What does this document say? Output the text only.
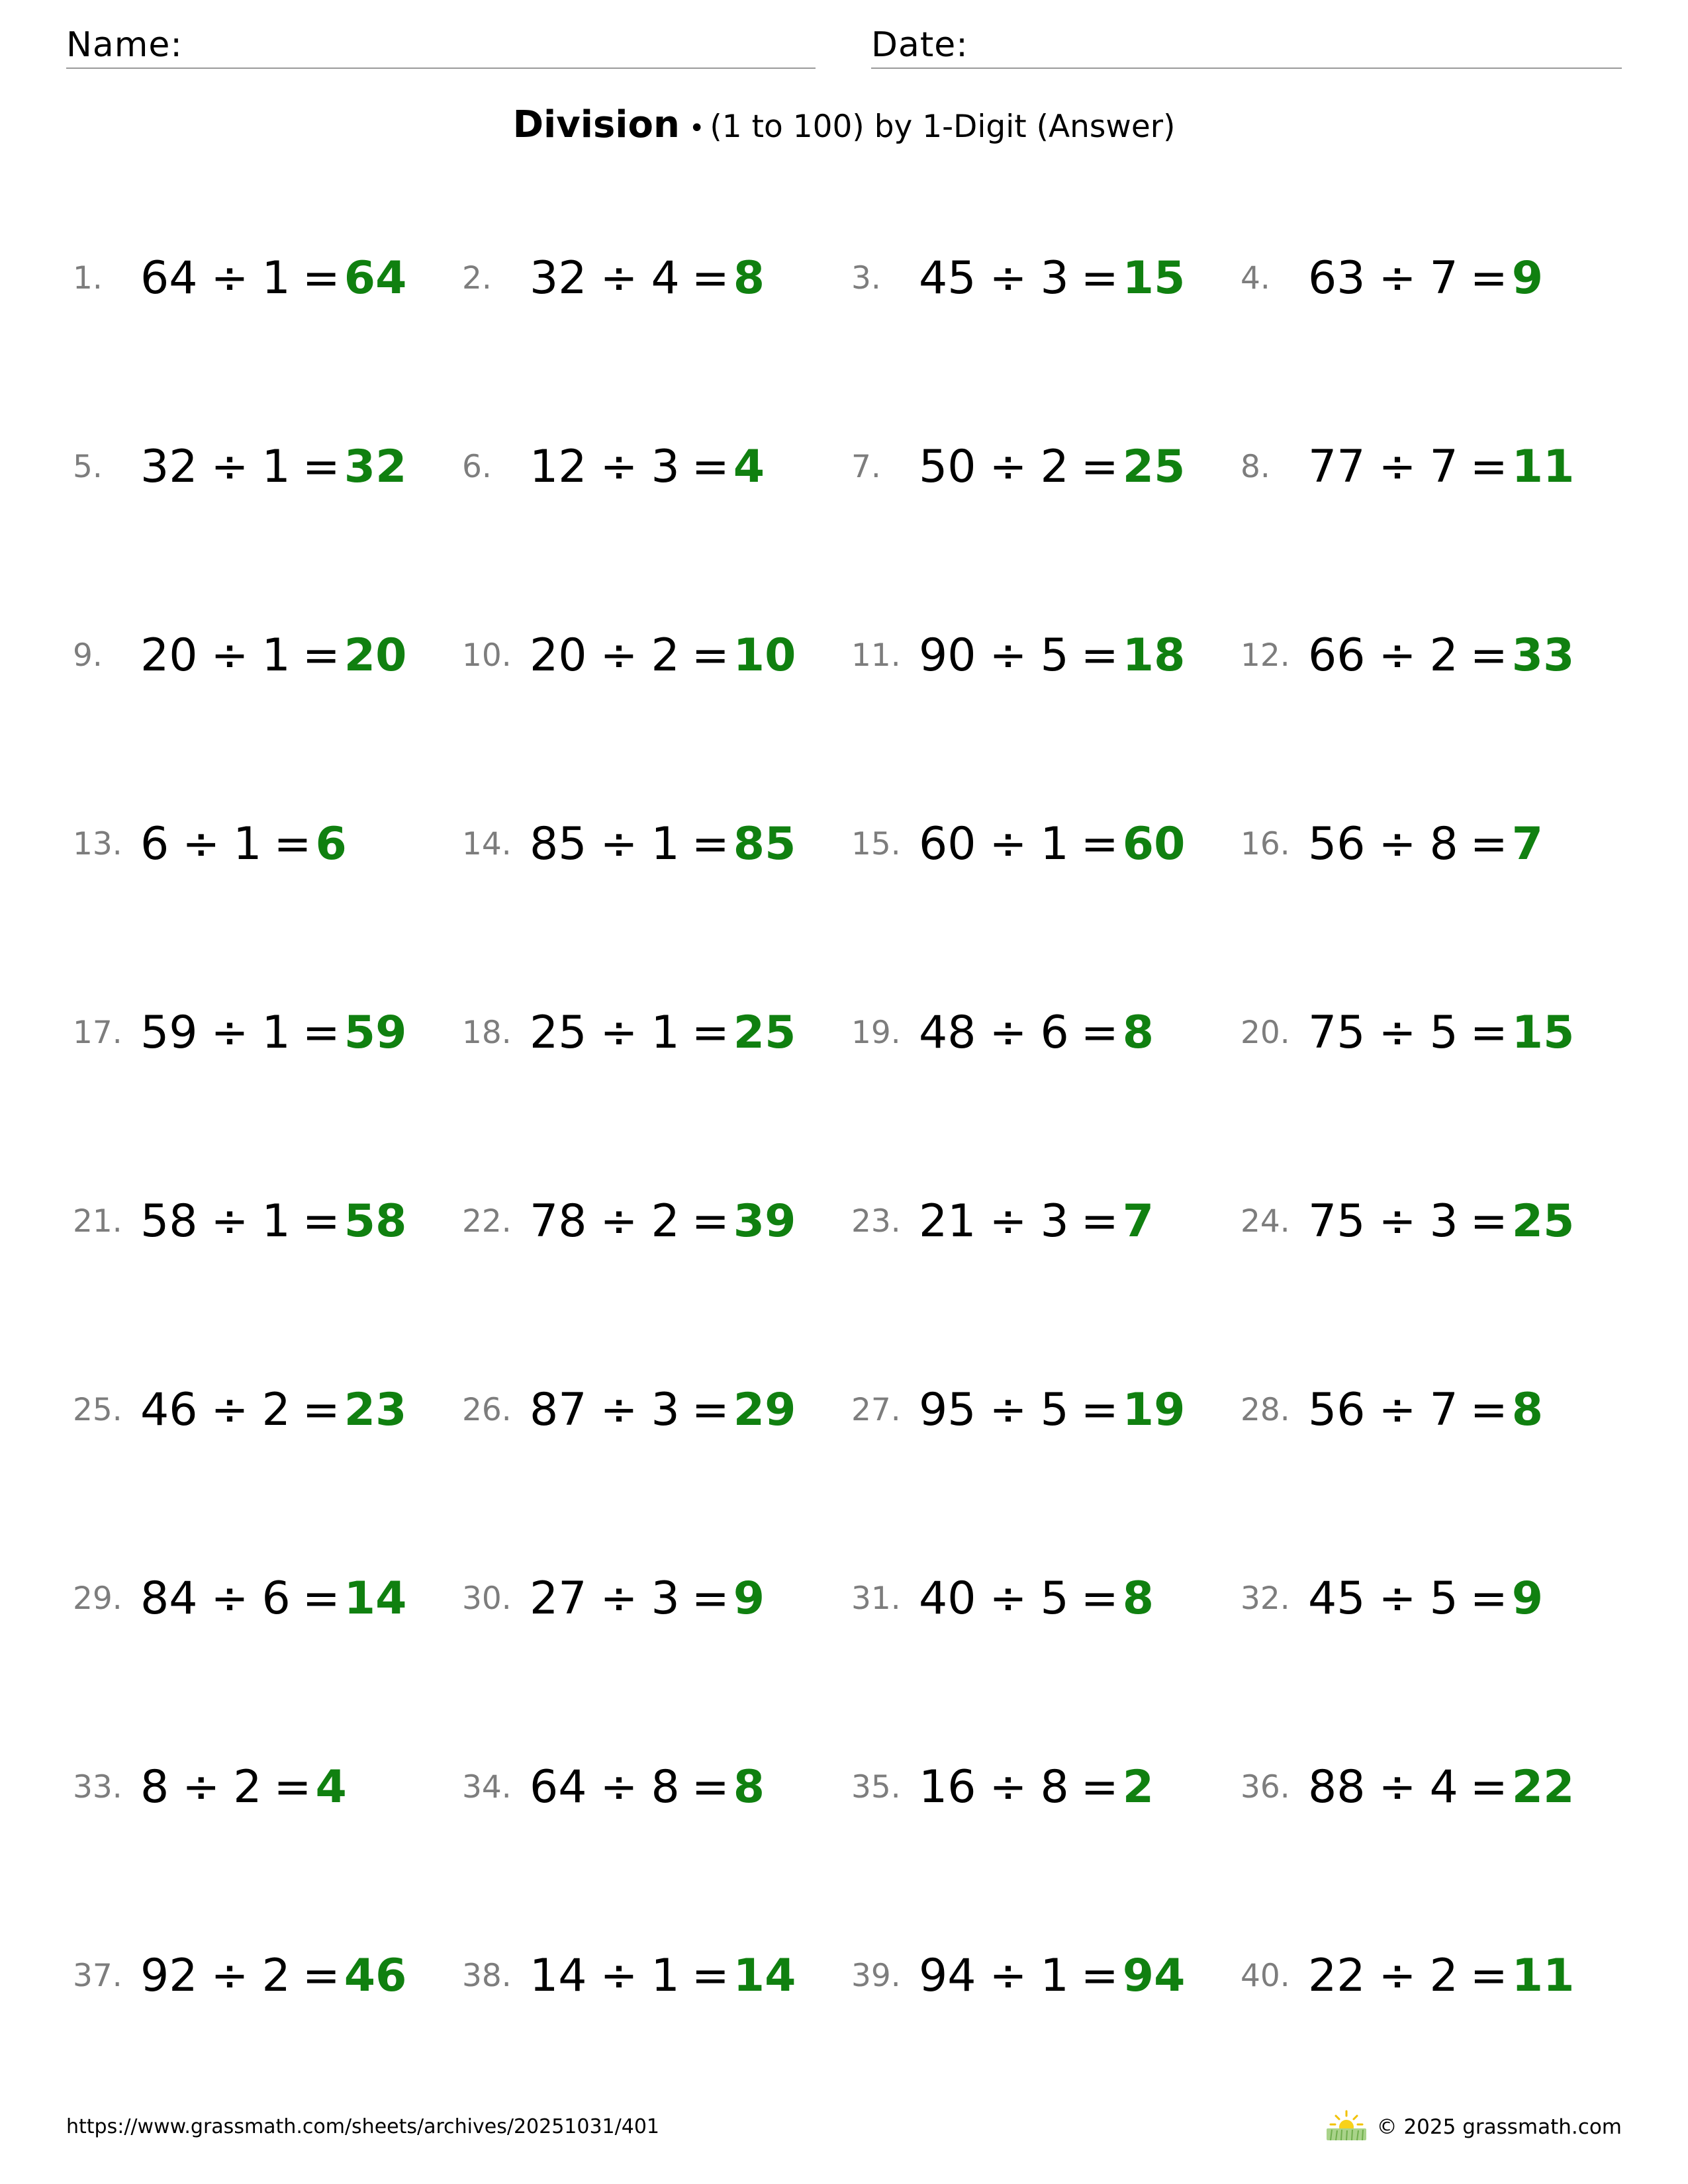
Name:	Date:
Division • (1 to 100) by 1-Digit (Answer)
1. 64 ÷ 1 = 64 2. 32 ÷ 4 = 8	3. 45 ÷ 3 = 15 4. 63 ÷ 7 = 9
5. 32 ÷ 1 = 32 6. 12 ÷ 3 = 4	7. 50 ÷ 2 = 25 8. 77 ÷ 7 = 11
9. 20 ÷ 1 = 20 10. 20 ÷ 2 = 10 11. 90 ÷ 5 = 18 12. 66 ÷ 2 = 33
13. 6 ÷ 1 = 6	14. 85 ÷ 1 = 85 15. 60 ÷ 1 = 60 16. 56 ÷ 8 = 7
17. 59 ÷ 1 = 59 18. 25 ÷ 1 = 25 19. 48 ÷ 6 = 8	20. 75 ÷ 5 = 15
21. 58 ÷ 1 = 58 22. 78 ÷ 2 = 39 23. 21 ÷ 3 = 7	24. 75 ÷ 3 = 25
25. 46 ÷ 2 = 23 26. 87 ÷ 3 = 29 27. 95 ÷ 5 = 19 28. 56 ÷ 7 = 8
29. 84 ÷ 6 = 14 30. 27 ÷ 3 = 9	31. 40 ÷ 5 = 8	32. 45 ÷ 5 = 9
33. 8 ÷ 2 = 4	34. 64 ÷ 8 = 8	35. 16 ÷ 8 = 2	36. 88 ÷ 4 = 22
37. 92 ÷ 2 = 46 38. 14 ÷ 1 = 14 39. 94 ÷ 1 = 94 40. 22 ÷ 2 = 11
https://www.grassmath.com/sheets/archives/20251031/401	© 2025 grassmath.com
